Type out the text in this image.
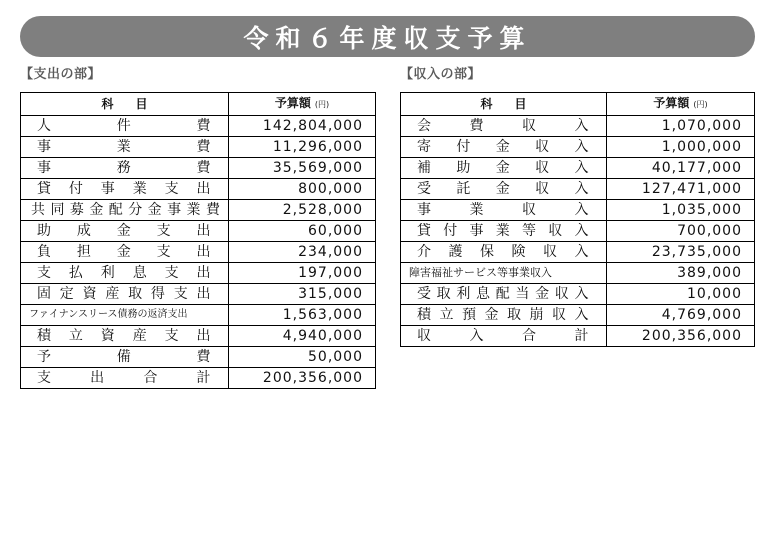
令和６年度収支予算
【支出の部】
科目	予算額 (円)
人件費	142,804,000
事業費	11,296,000
事務費	35,569,000
貸付事業支出	800,000
共同募金配分金事業費	2,528,000
助成金支出	60,000
負担金支出	234,000
支払利息支出	197,000
固定資産取得支出	315,000
ファイナンスリース債務の返済支出	1,563,000
積立資産支出	4,940,000
予備費	50,000
支出合計	200,356,000
【収入の部】
科目	予算額 (円)
会費収入	1,070,000
寄付金収入	1,000,000
補助金収入	40,177,000
受託金収入	127,471,000
事業収入	1,035,000
貸付事業等収入	700,000
介護保険収入	23,735,000
障害福祉サービス等事業収入	389,000
受取利息配当金収入	10,000
積立預金取崩収入	4,769,000
収入合計	200,356,000
